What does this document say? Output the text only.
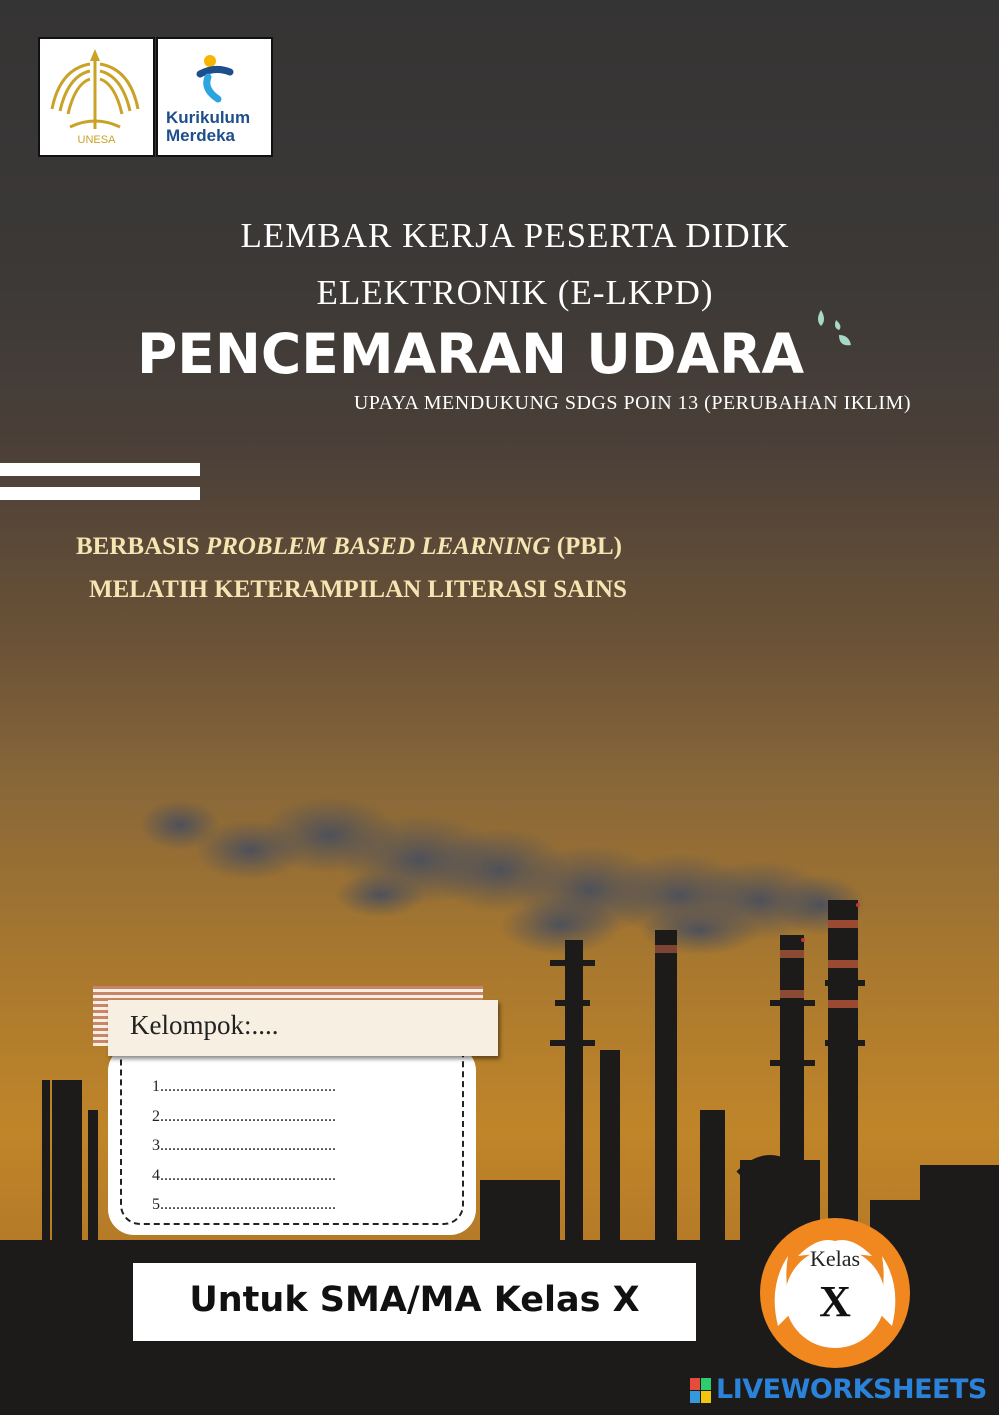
UNESA
Kurikulum
Merdeka
LEMBAR KERJA PESERTA DIDIK
ELEKTRONIK (E-LKPD)
PENCEMARAN UDARA
UPAYA MENDUKUNG SDGS POIN 13 (PERUBAHAN IKLIM)
BERBASIS PROBLEM BASED LEARNING (PBL)
MELATIH KETERAMPILAN LITERASI SAINS
Kelompok:....
1............................................
2............................................
3............................................
4............................................
5............................................
Untuk SMA/MA Kelas X
Kelas
X
LIVEWORKSHEETS
